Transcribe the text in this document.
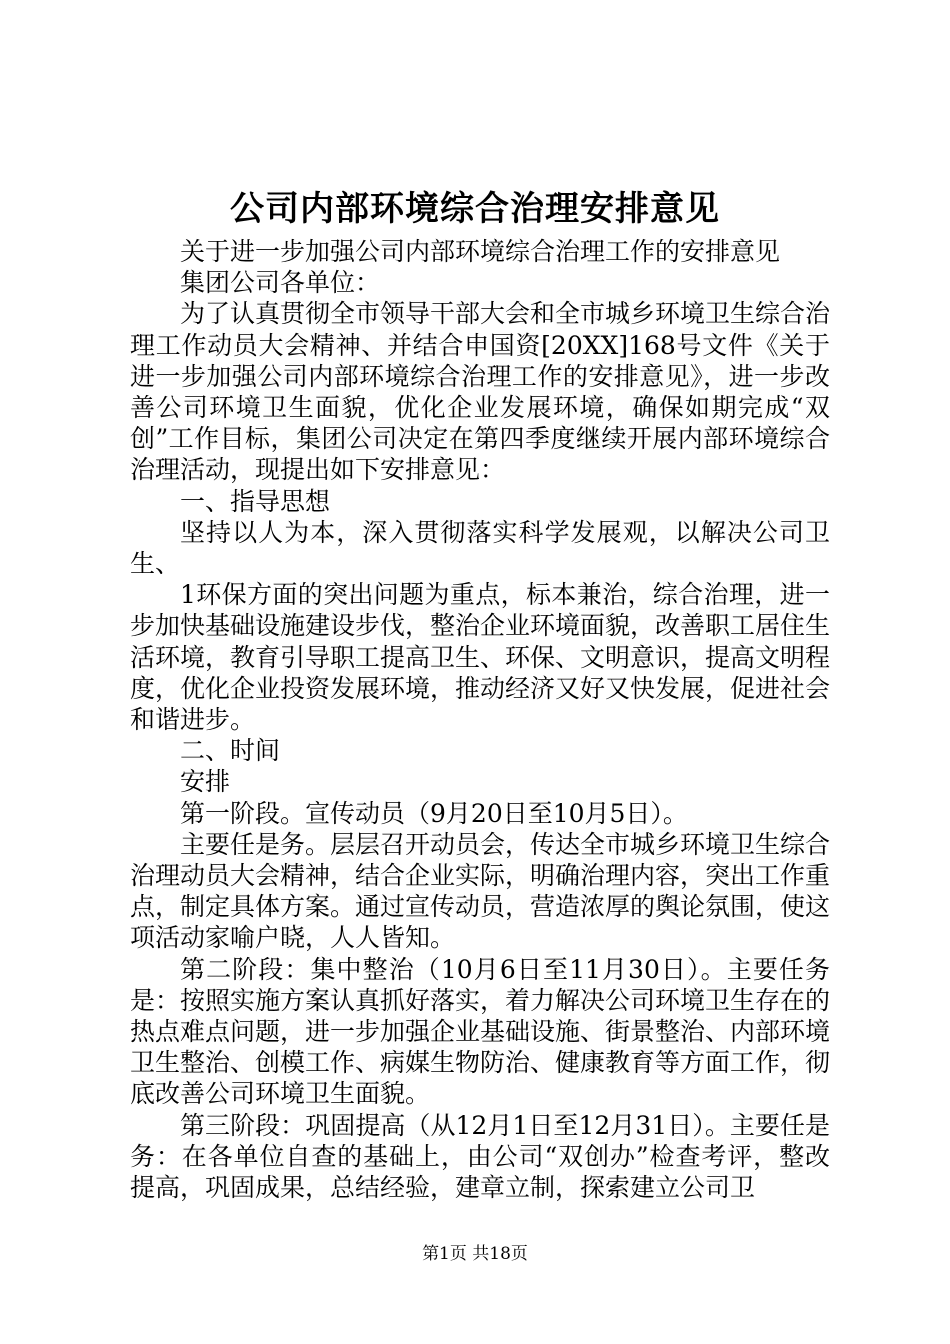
公司内部环境综合治理安排意见

关于进一步加强公司内部环境综合治理工作的安排意见

集团公司各单位：

为了认真贯彻全市领导干部大会和全市城乡环境卫生综合治理工作动员大会精神、并结合申国资[20XX]168号文件《关于进一步加强公司内部环境综合治理工作的安排意见》，进一步改善公司环境卫生面貌，优化企业发展环境，确保如期完成“双创”工作目标，集团公司决定在第四季度继续开展内部环境综合治理活动，现提出如下安排意见：

一、指导思想

坚持以人为本，深入贯彻落实科学发展观，以解决公司卫生、

1环保方面的突出问题为重点，标本兼治，综合治理，进一步加快基础设施建设步伐，整治企业环境面貌，改善职工居住生活环境，教育引导职工提高卫生、环保、文明意识，提高文明程度，优化企业投资发展环境，推动经济又好又快发展，促进社会和谐进步。

二、时间

安排

第一阶段。宣传动员（9月20日至10月5日）。

主要任是务。层层召开动员会，传达全市城乡环境卫生综合治理动员大会精神，结合企业实际，明确治理内容，突出工作重点，制定具体方案。通过宣传动员，营造浓厚的舆论氛围，使这项活动家喻户晓，人人皆知。

第二阶段：集中整治（10月6日至11月30日）。主要任务是：按照实施方案认真抓好落实，着力解决公司环境卫生存在的热点难点问题，进一步加强企业基础设施、街景整治、内部环境卫生整治、创模工作、病媒生物防治、健康教育等方面工作，彻底改善公司环境卫生面貌。

第三阶段：巩固提高（从12月1日至12月31日）。主要任是务：在各单位自查的基础上，由公司“双创办”检查考评，整改提高，巩固成果，总结经验，建章立制，探索建立公司卫

第1页 共18页
